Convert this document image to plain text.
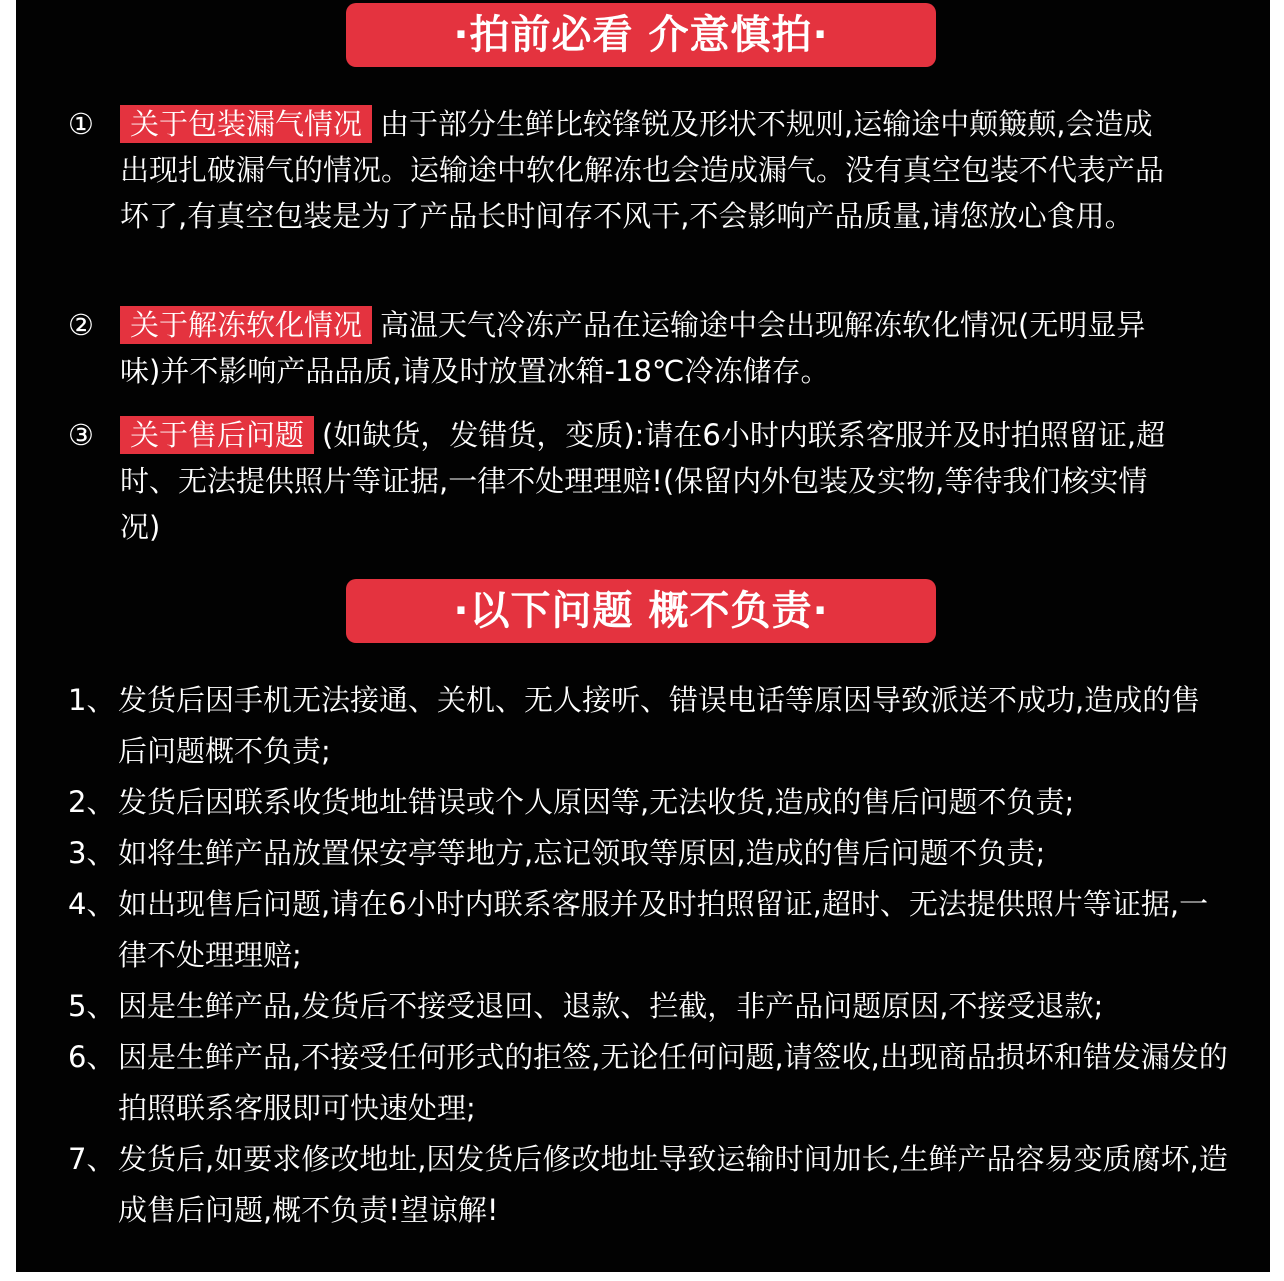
·拍前必看 介意慎拍·
①	关于包装漏气情况 由于部分生鲜比较锋锐及形状不规则,运输途中颠簸颠,会造成出现扎破漏气的情况。运输途中软化解冻也会造成漏气。没有真空包装不代表产品坏了,有真空包装是为了产品长时间存不风干,不会影响产品质量,请您放心食用。
②	关于解冻软化情况 高温天气冷冻产品在运输途中会出现解冻软化情况(无明显异味)并不影响产品品质,请及时放置冰箱-18℃冷冻储存。
③	关于售后问题 (如缺货，发错货，变质):请在6小时内联系客服并及时拍照留证,超时、无法提供照片等证据,一律不处理理赔!(保留内外包装及实物,等待我们核实情况)
·以下问题 概不负责·
1、 发货后因手机无法接通、关机、无人接听、错误电话等原因导致派送不成功,造成的售后问题概不负责;
2、 发货后因联系收货地址错误或个人原因等,无法收货,造成的售后问题不负责;
3、 如将生鲜产品放置保安亭等地方,忘记领取等原因,造成的售后问题不负责;
4、 如出现售后问题,请在6小时内联系客服并及时拍照留证,超时、无法提供照片等证据,一律不处理理赔;
5、 因是生鲜产品,发货后不接受退回、退款、拦截，非产品问题原因,不接受退款;
6、 因是生鲜产品,不接受任何形式的拒签,无论任何问题,请签收,出现商品损坏和错发漏发的拍照联系客服即可快速处理;
7、 发货后,如要求修改地址,因发货后修改地址导致运输时间加长,生鲜产品容易变质腐坏,造成售后问题,概不负责!望谅解!
